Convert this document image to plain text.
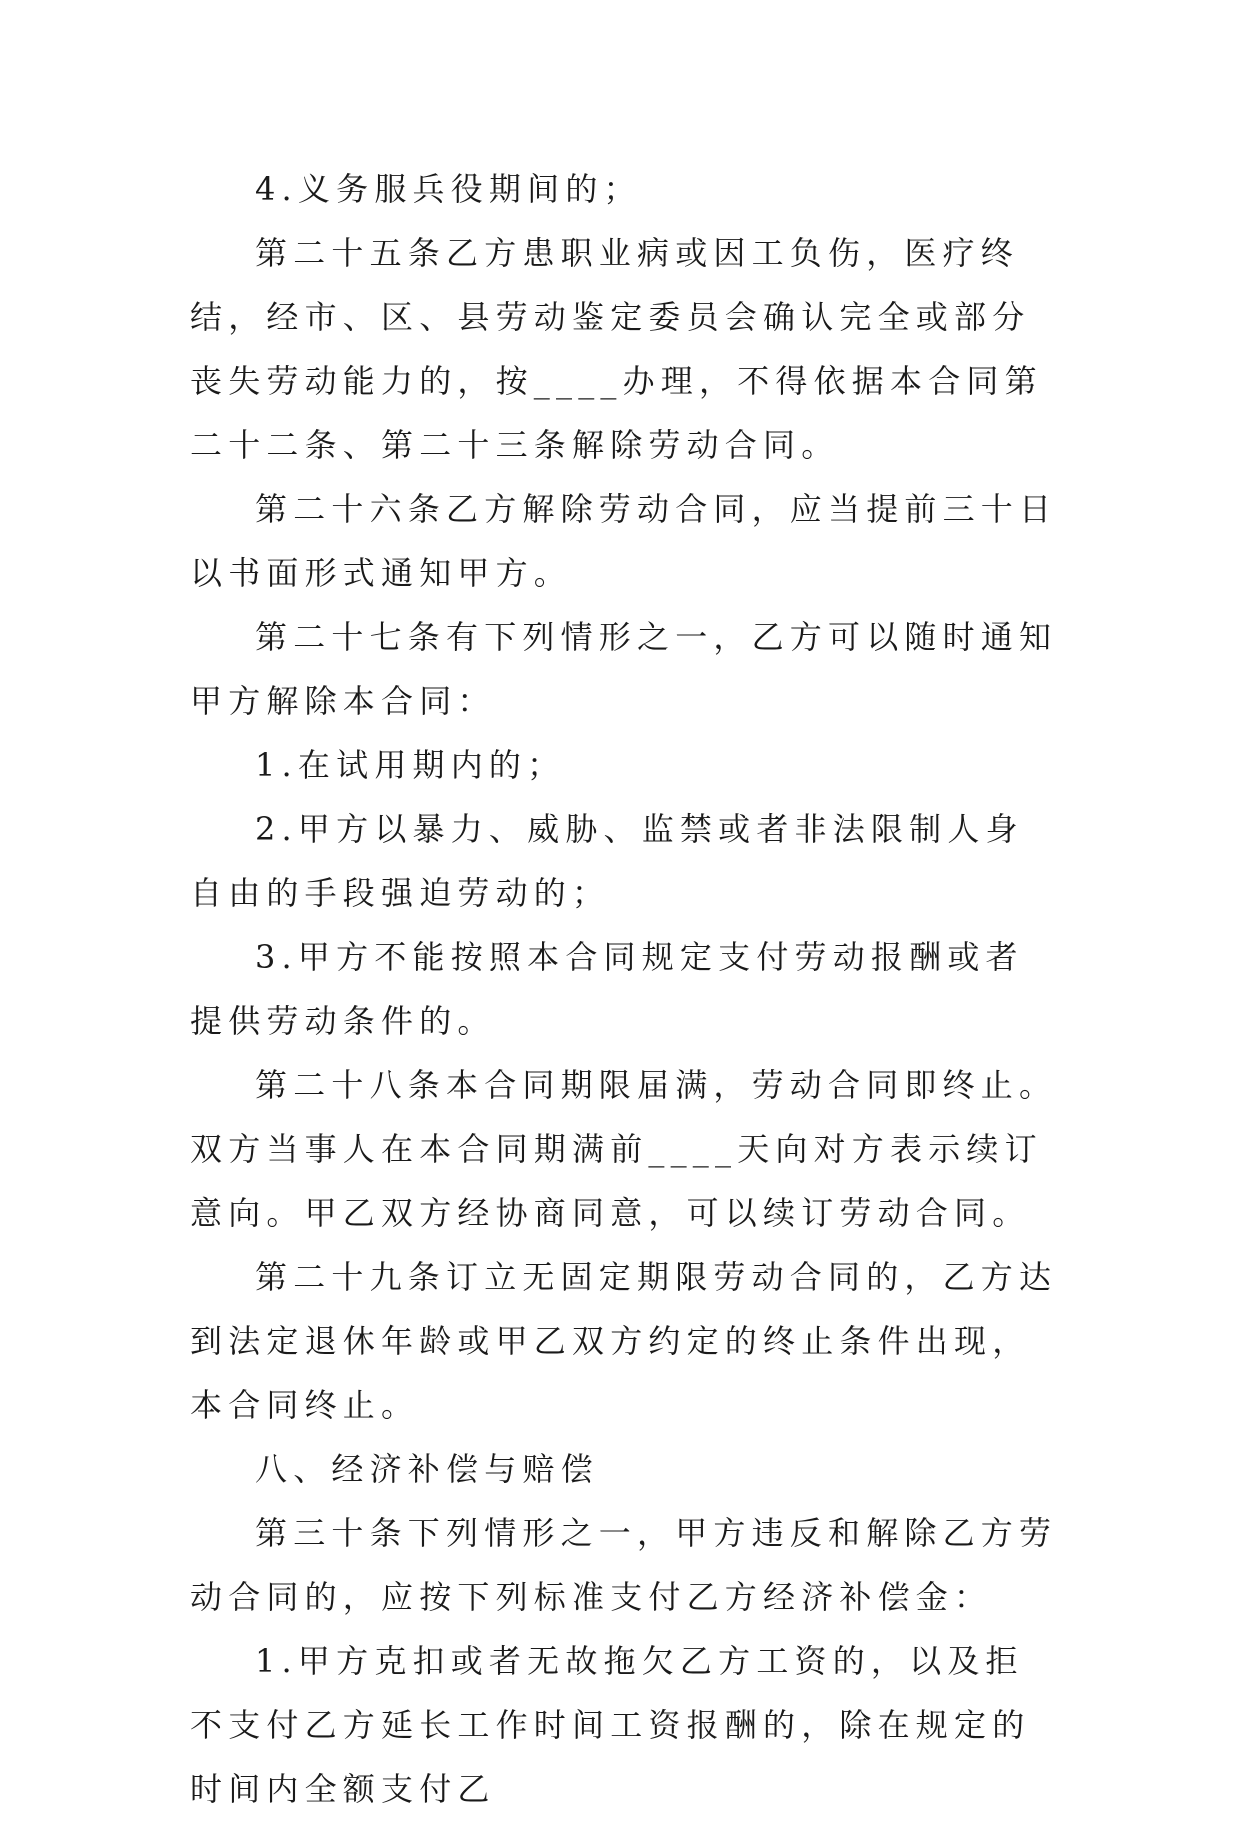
4.义务服兵役期间的；

第二十五条乙方患职业病或因工负伤，医疗终结，经市、区、县劳动鉴定委员会确认完全或部分丧失劳动能力的，按____办理，不得依据本合同第二十二条、第二十三条解除劳动合同。

第二十六条乙方解除劳动合同，应当提前三十日以书面形式通知甲方。

第二十七条有下列情形之一，乙方可以随时通知甲方解除本合同：

1.在试用期内的；

2.甲方以暴力、威胁、监禁或者非法限制人身自由的手段强迫劳动的；

3.甲方不能按照本合同规定支付劳动报酬或者提供劳动条件的。

第二十八条本合同期限届满，劳动合同即终止。双方当事人在本合同期满前____天向对方表示续订意向。甲乙双方经协商同意，可以续订劳动合同。

第二十九条订立无固定期限劳动合同的，乙方达到法定退休年龄或甲乙双方约定的终止条件出现，本合同终止。

八、经济补偿与赔偿

第三十条下列情形之一，甲方违反和解除乙方劳动合同的，应按下列标准支付乙方经济补偿金：

1.甲方克扣或者无故拖欠乙方工资的，以及拒不支付乙方延长工作时间工资报酬的，除在规定的时间内全额支付乙
